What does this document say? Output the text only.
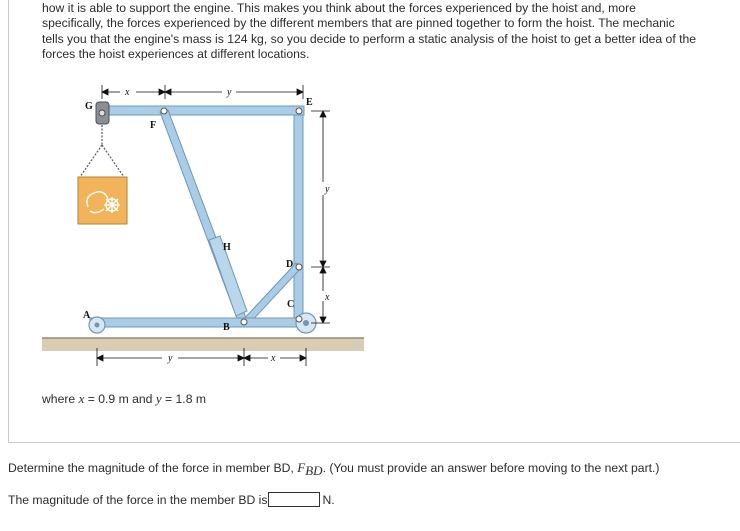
how it is able to support the engine. This makes you think about the forces experienced by the hoist and, more
specifically, the forces experienced by the different members that are pinned together to form the hoist. The mechanic
tells you that the engine's mass is 124 kg, so you decide to perform a static analysis of the hoist to get a better idea of the
forces the hoist experiences at different locations.
x	y
y
x
y	x
G	E
F
H
D
C
A
B
where x = 0.9 m and y = 1.8 m
Determine the magnitude of the force in member BD, $F_{BD}$. (You must provide an answer before moving to the next part.)
The magnitude of the force in the member BD is	N.
